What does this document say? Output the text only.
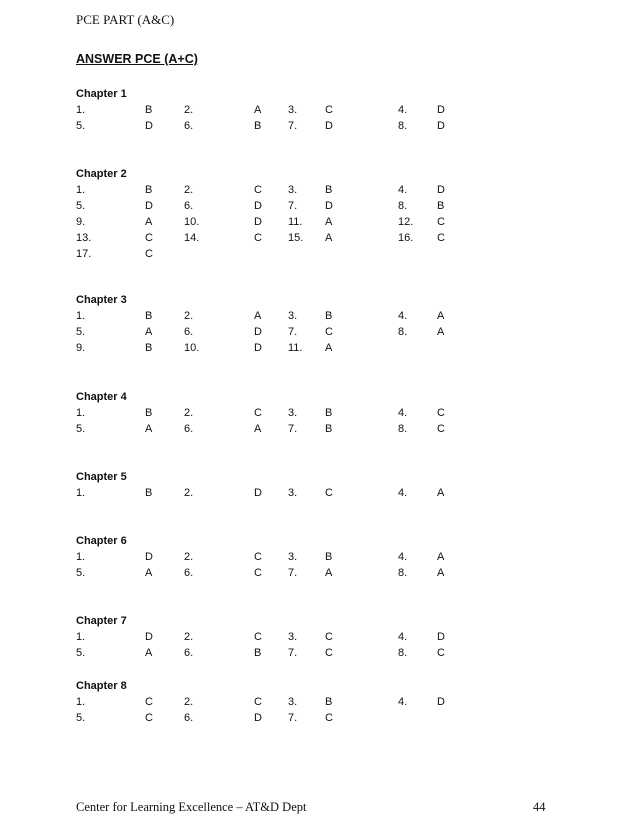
PCE PART (A&C)
ANSWER PCE (A+C)
Chapter 1
1.	B	2.	A 3.	C	4.	D
5.	D	6.	B 7.	D	8.	D
Chapter 2
1.	B	2.	C 3.	B	4.	D
5.	D	6.	D 7.	D	8.	B
9.	A	10.	D 11. A	12. C
13.	C	14.	C 15. A	16. C
17.	C
Chapter 3
1.	B	2.	A 3.	B	4.	A
5.	A	6.	D 7.	C	8.	A
9.	B	10.	D 11. A
Chapter 4
1.	B	2.	C 3.	B	4.	C
5.	A	6.	A 7.	B	8.	C
Chapter 5
1.	B	2.	D 3.	C	4.	A
Chapter 6
1.	D	2.	C 3.	B	4.	A
5.	A	6.	C 7.	A	8.	A
Chapter 7
1.	D	2.	C 3.	C	4.	D
5.	A	6.	B 7.	C	8.	C
Chapter 8
1.	C	2.	C 3.	B	4.	D
5.	C	6.	D 7.	C
Center for Learning Excellence – AT&D Dept	44
